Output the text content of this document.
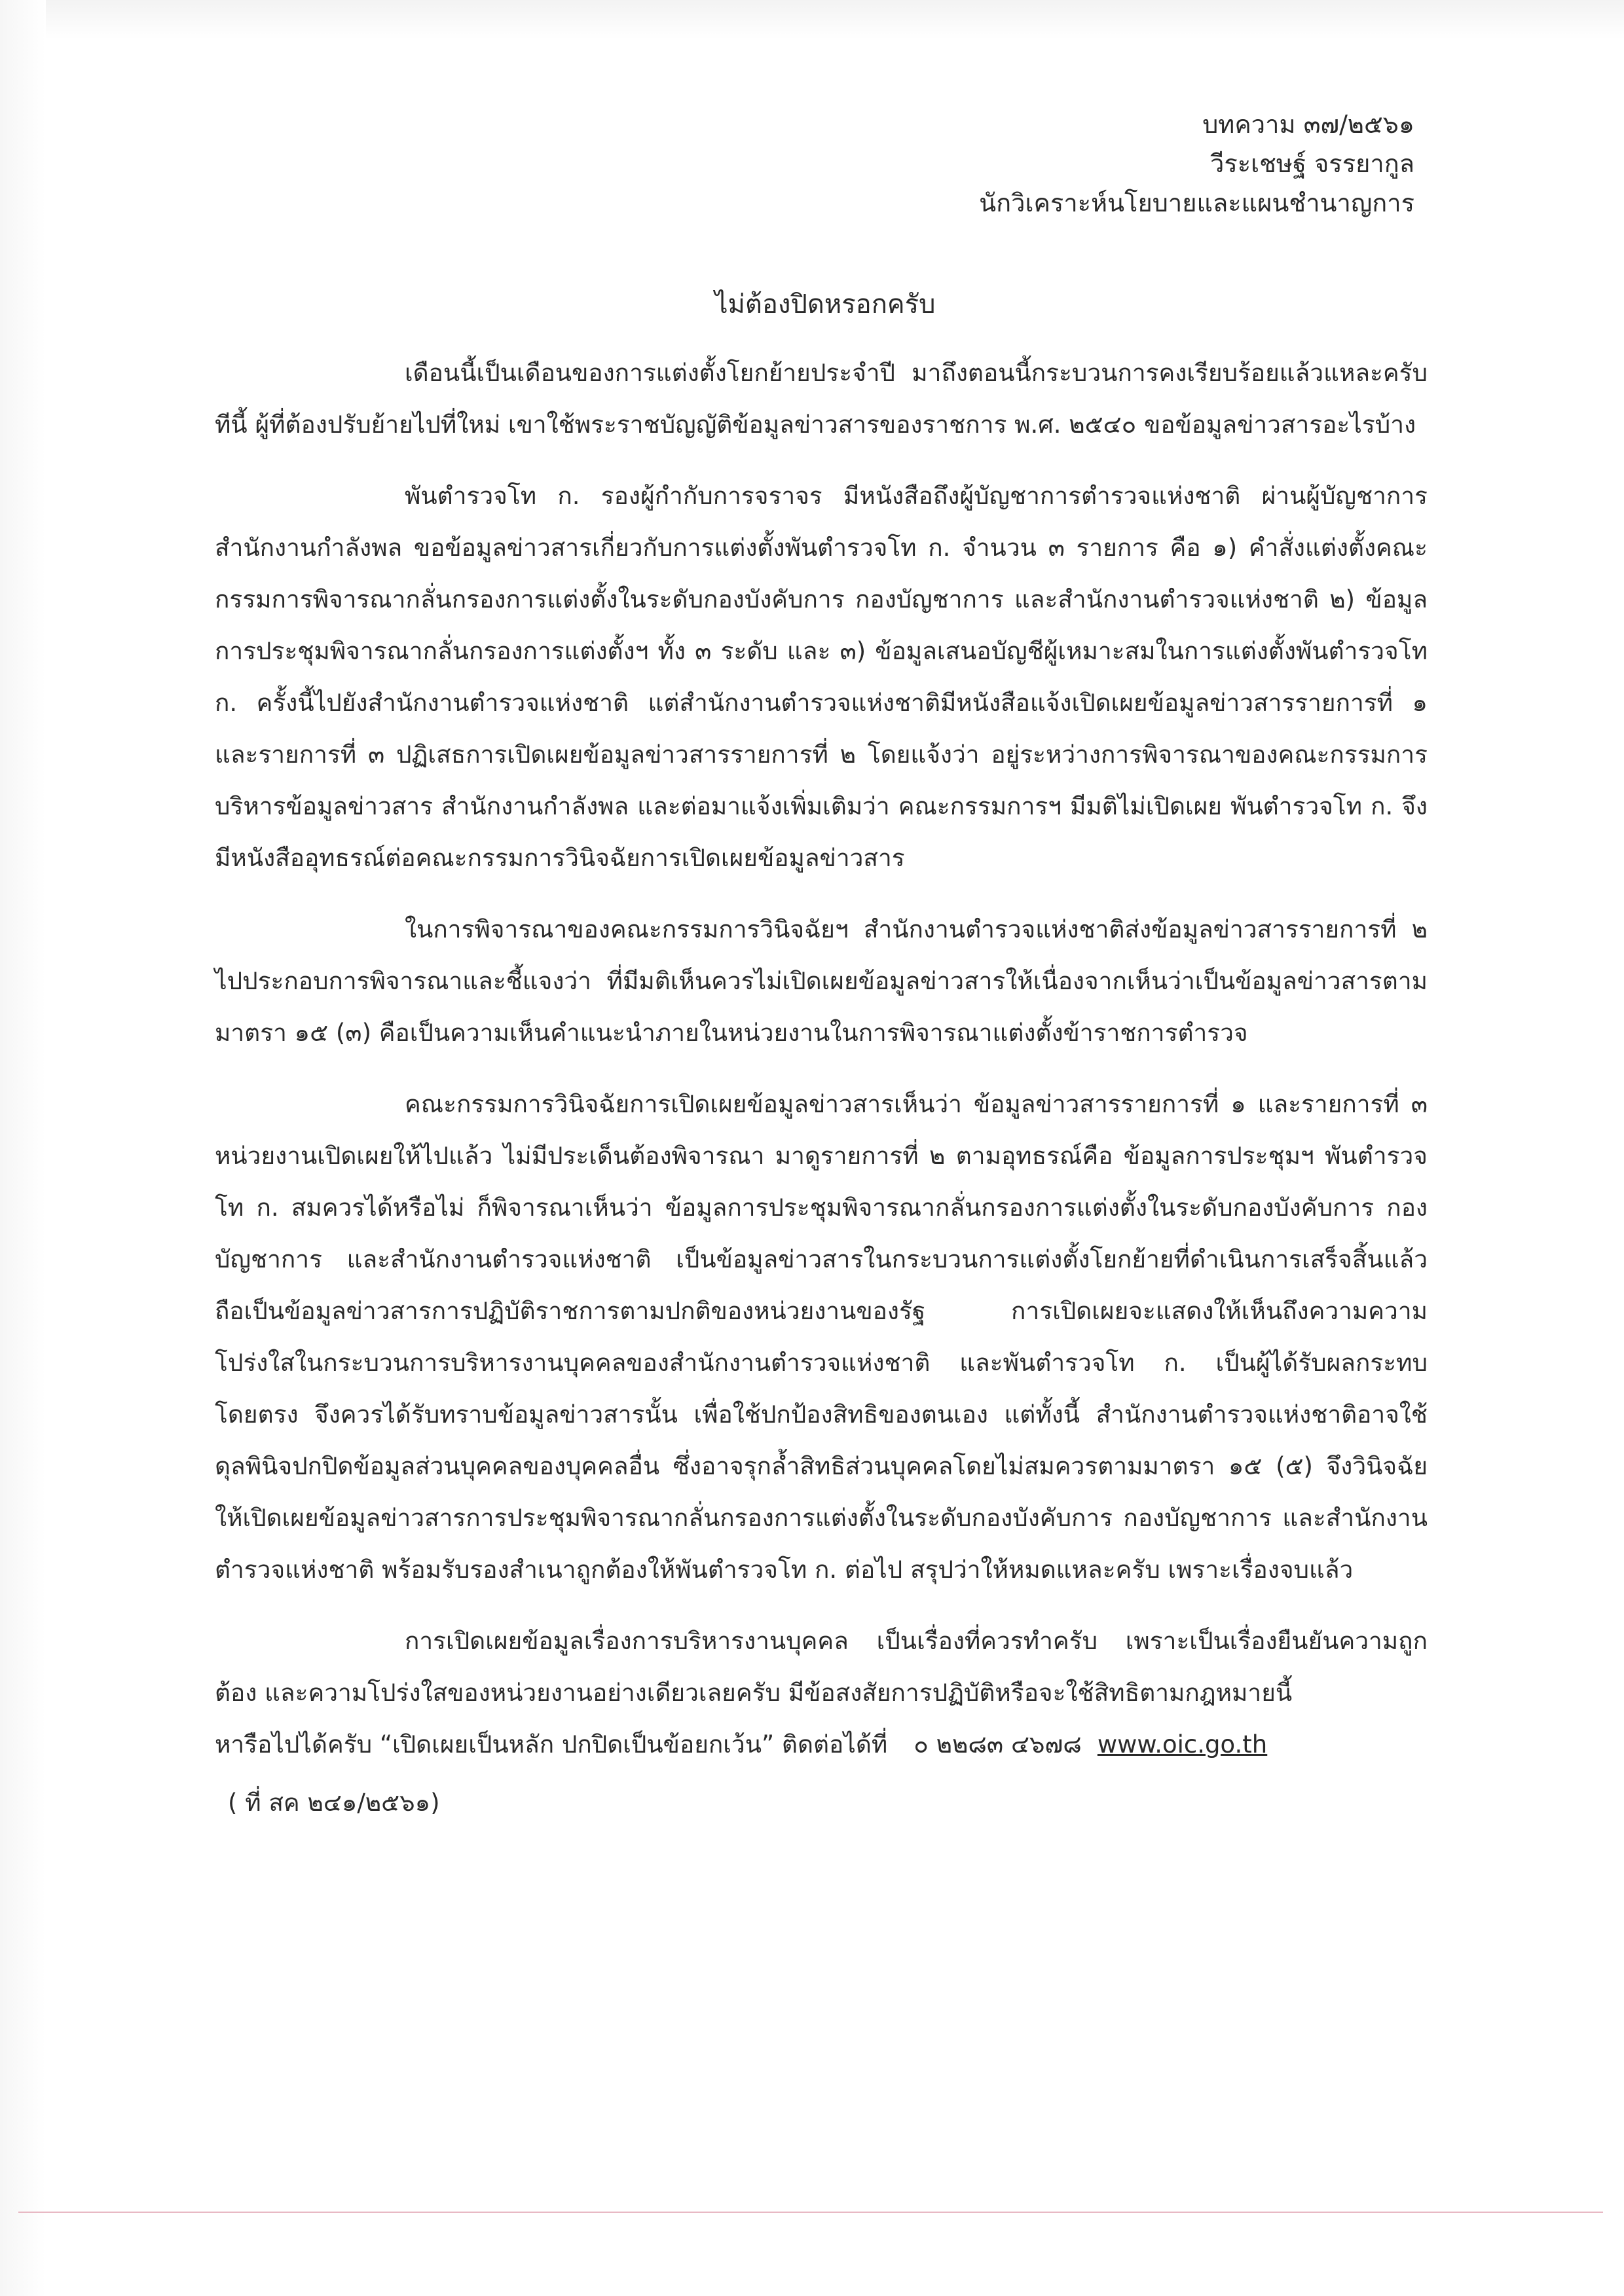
บทความ ๓๗/๒๕๖๑
วีระเชษฐ์ จรรยากูล
นักวิเคราะห์นโยบายและแผนชำนาญการ
ไม่ต้องปิดหรอกครับ

เดือนนี้เป็นเดือนของการแต่งตั้งโยกย้ายประจำปี มาถึงตอนนี้กระบวนการคงเรียบร้อยแล้วแหละครับ ทีนี้ ผู้ที่ต้องปรับย้ายไปที่ใหม่ เขาใช้พระราชบัญญัติข้อมูลข่าวสารของราชการ พ.ศ. ๒๕๔๐ ขอข้อมูลข่าวสารอะไรบ้าง

พันตำรวจโท ก. รองผู้กำกับการจราจร มีหนังสือถึงผู้บัญชาการตำรวจแห่งชาติ ผ่านผู้บัญชาการสำนักงานกำลังพล ขอข้อมูลข่าวสารเกี่ยวกับการแต่งตั้งพันตำรวจโท ก. จำนวน ๓ รายการ คือ ๑) คำสั่งแต่งตั้งคณะกรรมการพิจารณากลั่นกรองการแต่งตั้งในระดับกองบังคับการ กองบัญชาการ และสำนักงานตำรวจแห่งชาติ ๒) ข้อมูลการประชุมพิจารณากลั่นกรองการแต่งตั้งฯ ทั้ง ๓ ระดับ และ ๓) ข้อมูลเสนอบัญชีผู้เหมาะสมในการแต่งตั้งพันตำรวจโท ก. ครั้งนี้ไปยังสำนักงานตำรวจแห่งชาติ แต่สำนักงานตำรวจแห่งชาติมีหนังสือแจ้งเปิดเผยข้อมูลข่าวสารรายการที่ ๑ และรายการที่ ๓ ปฏิเสธการเปิดเผยข้อมูลข่าวสารรายการที่ ๒ โดยแจ้งว่า อยู่ระหว่างการพิจารณาของคณะกรรมการบริหารข้อมูลข่าวสาร สำนักงานกำลังพล และต่อมาแจ้งเพิ่มเติมว่า คณะกรรมการฯ มีมติไม่เปิดเผย พันตำรวจโท ก. จึงมีหนังสืออุทธรณ์ต่อคณะกรรมการวินิจฉัยการเปิดเผยข้อมูลข่าวสาร

ในการพิจารณาของคณะกรรมการวินิจฉัยฯ สำนักงานตำรวจแห่งชาติส่งข้อมูลข่าวสารรายการที่ ๒ ไปประกอบการพิจารณาและชี้แจงว่า ที่มีมติเห็นควรไม่เปิดเผยข้อมูลข่าวสารให้เนื่องจากเห็นว่าเป็นข้อมูลข่าวสารตามมาตรา ๑๕ (๓) คือเป็นความเห็นคำแนะนำภายในหน่วยงานในการพิจารณาแต่งตั้งข้าราชการตำรวจ

คณะกรรมการวินิจฉัยการเปิดเผยข้อมูลข่าวสารเห็นว่า ข้อมูลข่าวสารรายการที่ ๑ และรายการที่ ๓ หน่วยงานเปิดเผยให้ไปแล้ว ไม่มีประเด็นต้องพิจารณา มาดูรายการที่ ๒ ตามอุทธรณ์คือ ข้อมูลการประชุมฯ พันตำรวจโท ก. สมควรได้หรือไม่ ก็พิจารณาเห็นว่า ข้อมูลการประชุมพิจารณากลั่นกรองการแต่งตั้งในระดับกองบังคับการ กองบัญชาการ และสำนักงานตำรวจแห่งชาติ เป็นข้อมูลข่าวสารในกระบวนการแต่งตั้งโยกย้ายที่ดำเนินการเสร็จสิ้นแล้ว ถือเป็นข้อมูลข่าวสารการปฏิบัติราชการตามปกติของหน่วยงานของรัฐ การเปิดเผยจะแสดงให้เห็นถึงความความโปร่งใสในกระบวนการบริหารงานบุคคลของสำนักงานตำรวจแห่งชาติ และพันตำรวจโท ก. เป็นผู้ได้รับผลกระทบโดยตรง จึงควรได้รับทราบข้อมูลข่าวสารนั้น เพื่อใช้ปกป้องสิทธิของตนเอง แต่ทั้งนี้ สำนักงานตำรวจแห่งชาติอาจใช้ดุลพินิจปกปิดข้อมูลส่วนบุคคลของบุคคลอื่น ซึ่งอาจรุกล้ำสิทธิส่วนบุคคลโดยไม่สมควรตามมาตรา ๑๕ (๕) จึงวินิจฉัยให้เปิดเผยข้อมูลข่าวสารการประชุมพิจารณากลั่นกรองการแต่งตั้งในระดับกองบังคับการ กองบัญชาการ และสำนักงานตำรวจแห่งชาติ พร้อมรับรองสำเนาถูกต้องให้พันตำรวจโท ก. ต่อไป สรุปว่าให้หมดแหละครับ เพราะเรื่องจบแล้ว

การเปิดเผยข้อมูลเรื่องการบริหารงานบุคคล เป็นเรื่องที่ควรทำครับ เพราะเป็นเรื่องยืนยันความถูกต้อง และความโปร่งใสของหน่วยงานอย่างเดียวเลยครับ มีข้อสงสัยการปฏิบัติหรือจะใช้สิทธิตามกฎหมายนี้

หารือไปได้ครับ “เปิดเผยเป็นหลัก ปกปิดเป็นข้อยกเว้น” ติดต่อได้ที่ ๐ ๒๒๘๓ ๔๖๗๘ www.oic.go.th
( ที่ สค ๒๔๑/๒๕๖๑)
